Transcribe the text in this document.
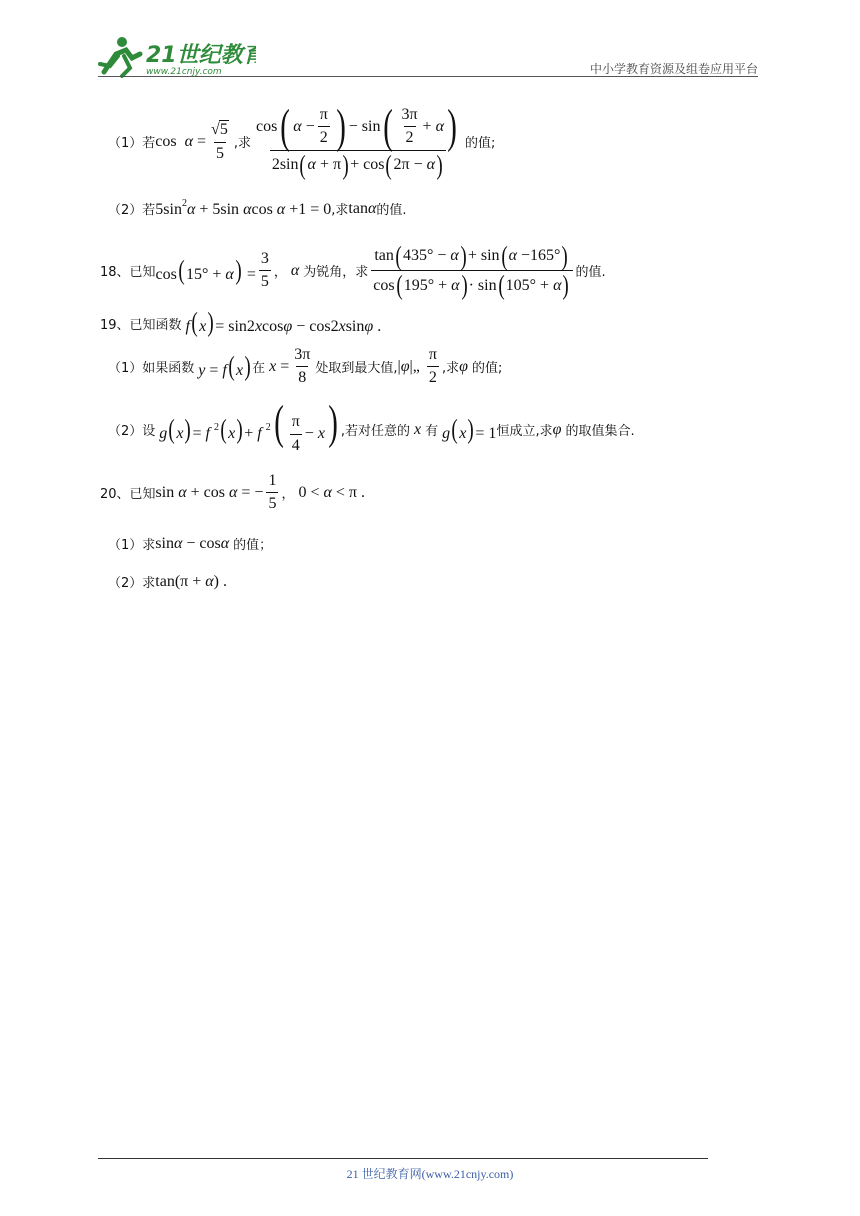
21世纪教育
www.21cnjy.com	中小学教育资源及组卷应用平台
（1）若 $\cos \alpha = \frac{√ 5}{5}$ ,求 $\frac{\cos ( \alpha - \frac{\pi}{2} ) - \sin ( \frac{3\pi}{2} + \alpha )}{2\sin ( \alpha + \pi ) + \cos ( 2\pi - \alpha )}$ 的值;
（2）若 $5\sin^2\alpha + 5\sin$ αcos α +1 = 0 ,求 tanα 的值.
18、已知 $\cos(15^\circ + \alpha) = \frac{3}{5}$ ， α 为锐角，求 $\frac{\tan ( 435^\circ - \alpha ) + \sin ( \alpha -165^\circ )}{\cos ( 195^\circ + \alpha ) \cdot \sin ( 105^\circ + \alpha )}$ 的值.
19、已知函数 f(x)= sin2xcosφ − cos2xsinφ .
（1）如果函数 y = f(x) 在 $x = \frac{3\pi}{8}$ 处取到最大值, |φ|„ $\frac{\pi}{2}$ ,求 φ 的值;
（2）设 g(x)= f $^2$(x)+ f $^2( \frac{\pi}{4} - x)$ ,若对任意的 x 有 g(x)= 1 恒成立,求 φ 的取值集合.
20、已知 sin α + cos α = − $\frac{1}{5}$ ， 0 < α < π .
（1）求 sinα − cosα 的值；
（2）求 tan(π + α) .
21 世纪教育网(www.21cnjy.com)
